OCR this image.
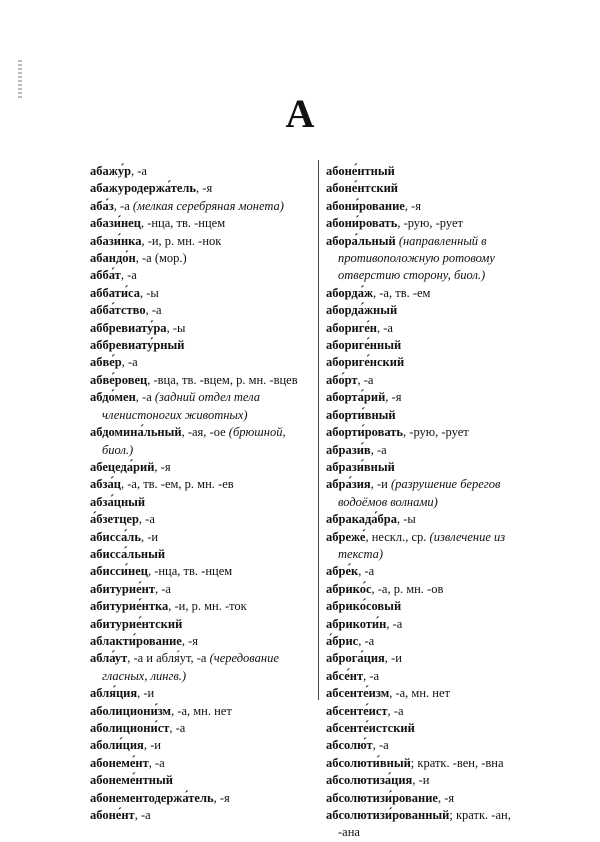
А
абажу́р, -а
абажуродержа́тель, -я
аба́з, -а (мелкая серебряная монета)
абази́нец, -нца, тв. -нцем
абази́нка, -и, р. мн. -нок
абандо́н, -а (мор.)
абба́т, -а
аббати́са, -ы
абба́тство, -а
аббревиату́ра, -ы
аббревиату́рный
абве́р, -а
абве́ровец, -вца, тв. -вцем, р. мн. -вцев
абдо́мен, -а (задний отдел тела членистоногих животных)
абдомина́льный, -ая, -ое (брюшной, биол.)
абецеда́рий, -я
абза́ц, -а, тв. -ем, р. мн. -ев
абза́цный
а́бзетцер, -а
абисса́ль, -и
абисса́льный
абисси́нец, -нца, тв. -нцем
абитурие́нт, -а
абитурие́нтка, -и, р. мн. -ток
абитурие́нтский
аблакти́рование, -я
абла́ут, -а и абля́ут, -а (чередование гласных, лингв.)
абля́ция, -и
аболициони́зм, -а, мн. нет
аболициони́ст, -а
аболи́ция, -и
абонеме́нт, -а
абонеме́нтный
абонементодержа́тель, -я
абоне́нт, -а
абоне́нтный
абоне́нтский
абони́рование, -я
абони́ровать, -рую, -рует
абора́льный (направленный в противоположную ротовому отверстию сторону, биол.)
аборда́ж, -а, тв. -ем
аборда́жный
абориге́н, -а
абориге́нный
абориге́нский
або́рт, -а
аборта́рий, -я
аборти́вный
аборти́ровать, -рую, -рует
абрази́в, -а
абрази́вный
абра́зия, -и (разрушение берегов водоёмов волнами)
абракада́бра, -ы
абреже́, нескл., ср. (извлечение из текста)
абре́к, -а
абрико́с, -а, р. мн. -ов
абрико́совый
абрикоти́н, -а
а́брис, -а
аброга́ция, -и
абсе́нт, -а
абсенте́изм, -а, мн. нет
абсенте́ист, -а
абсенте́истский
абсолю́т, -а
абсолюти́вный; кратк. -вен, -вна
абсолютиза́ция, -и
абсолютизи́рование, -я
абсолютизи́рованный; кратк. -ан, -ана
